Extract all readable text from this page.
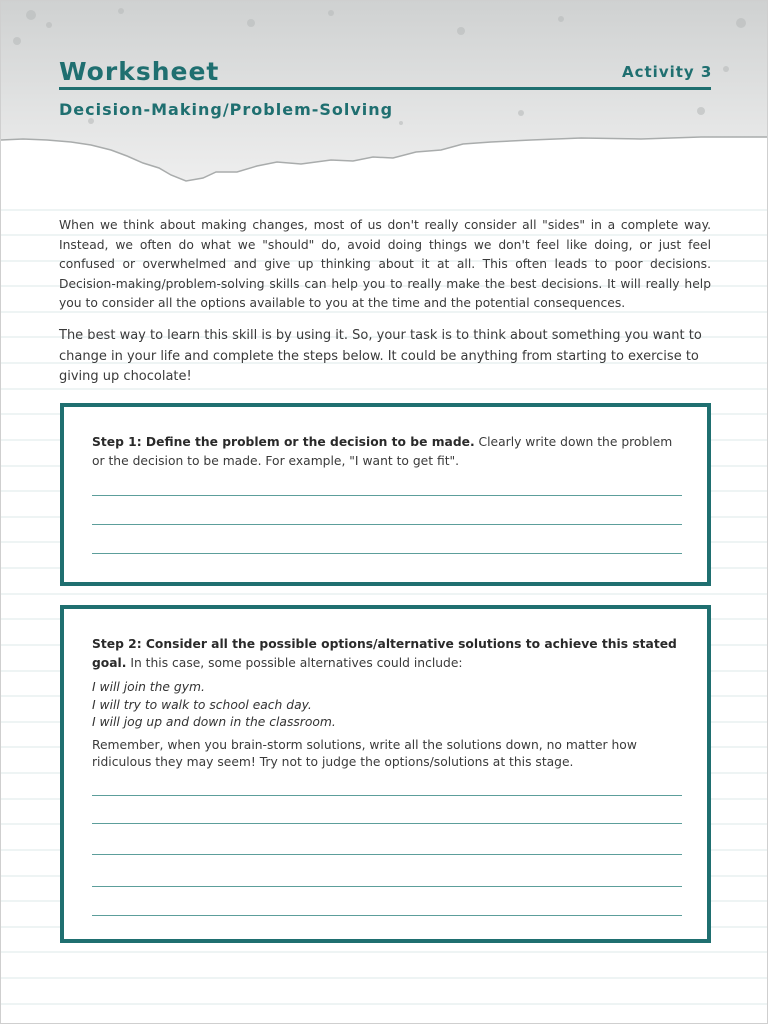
Worksheet	Activity 3
Decision-Making/Problem-Solving

When we think about making changes, most of us don't really consider all "sides" in a complete way. Instead, we often do what we "should" do, avoid doing things we don't feel like doing, or just feel confused or overwhelmed and give up thinking about it at all. This often leads to poor decisions. Decision-making/problem-solving skills can help you to really make the best decisions. It will really help you to consider all the options available to you at the time and the potential consequences.

The best way to learn this skill is by using it. So, your task is to think about something you want to change in your life and complete the steps below. It could be anything from starting to exercise to giving up chocolate!

Step 1: Define the problem or the decision to be made. Clearly write down the problem or the decision to be made. For example, "I want to get fit".

Step 2: Consider all the possible options/alternative solutions to achieve this stated goal. In this case, some possible alternatives could include:

I will join the gym.
I will try to walk to school each day.
I will jog up and down in the classroom.

Remember, when you brain-storm solutions, write all the solutions down, no matter how ridiculous they may seem! Try not to judge the options/solutions at this stage.
